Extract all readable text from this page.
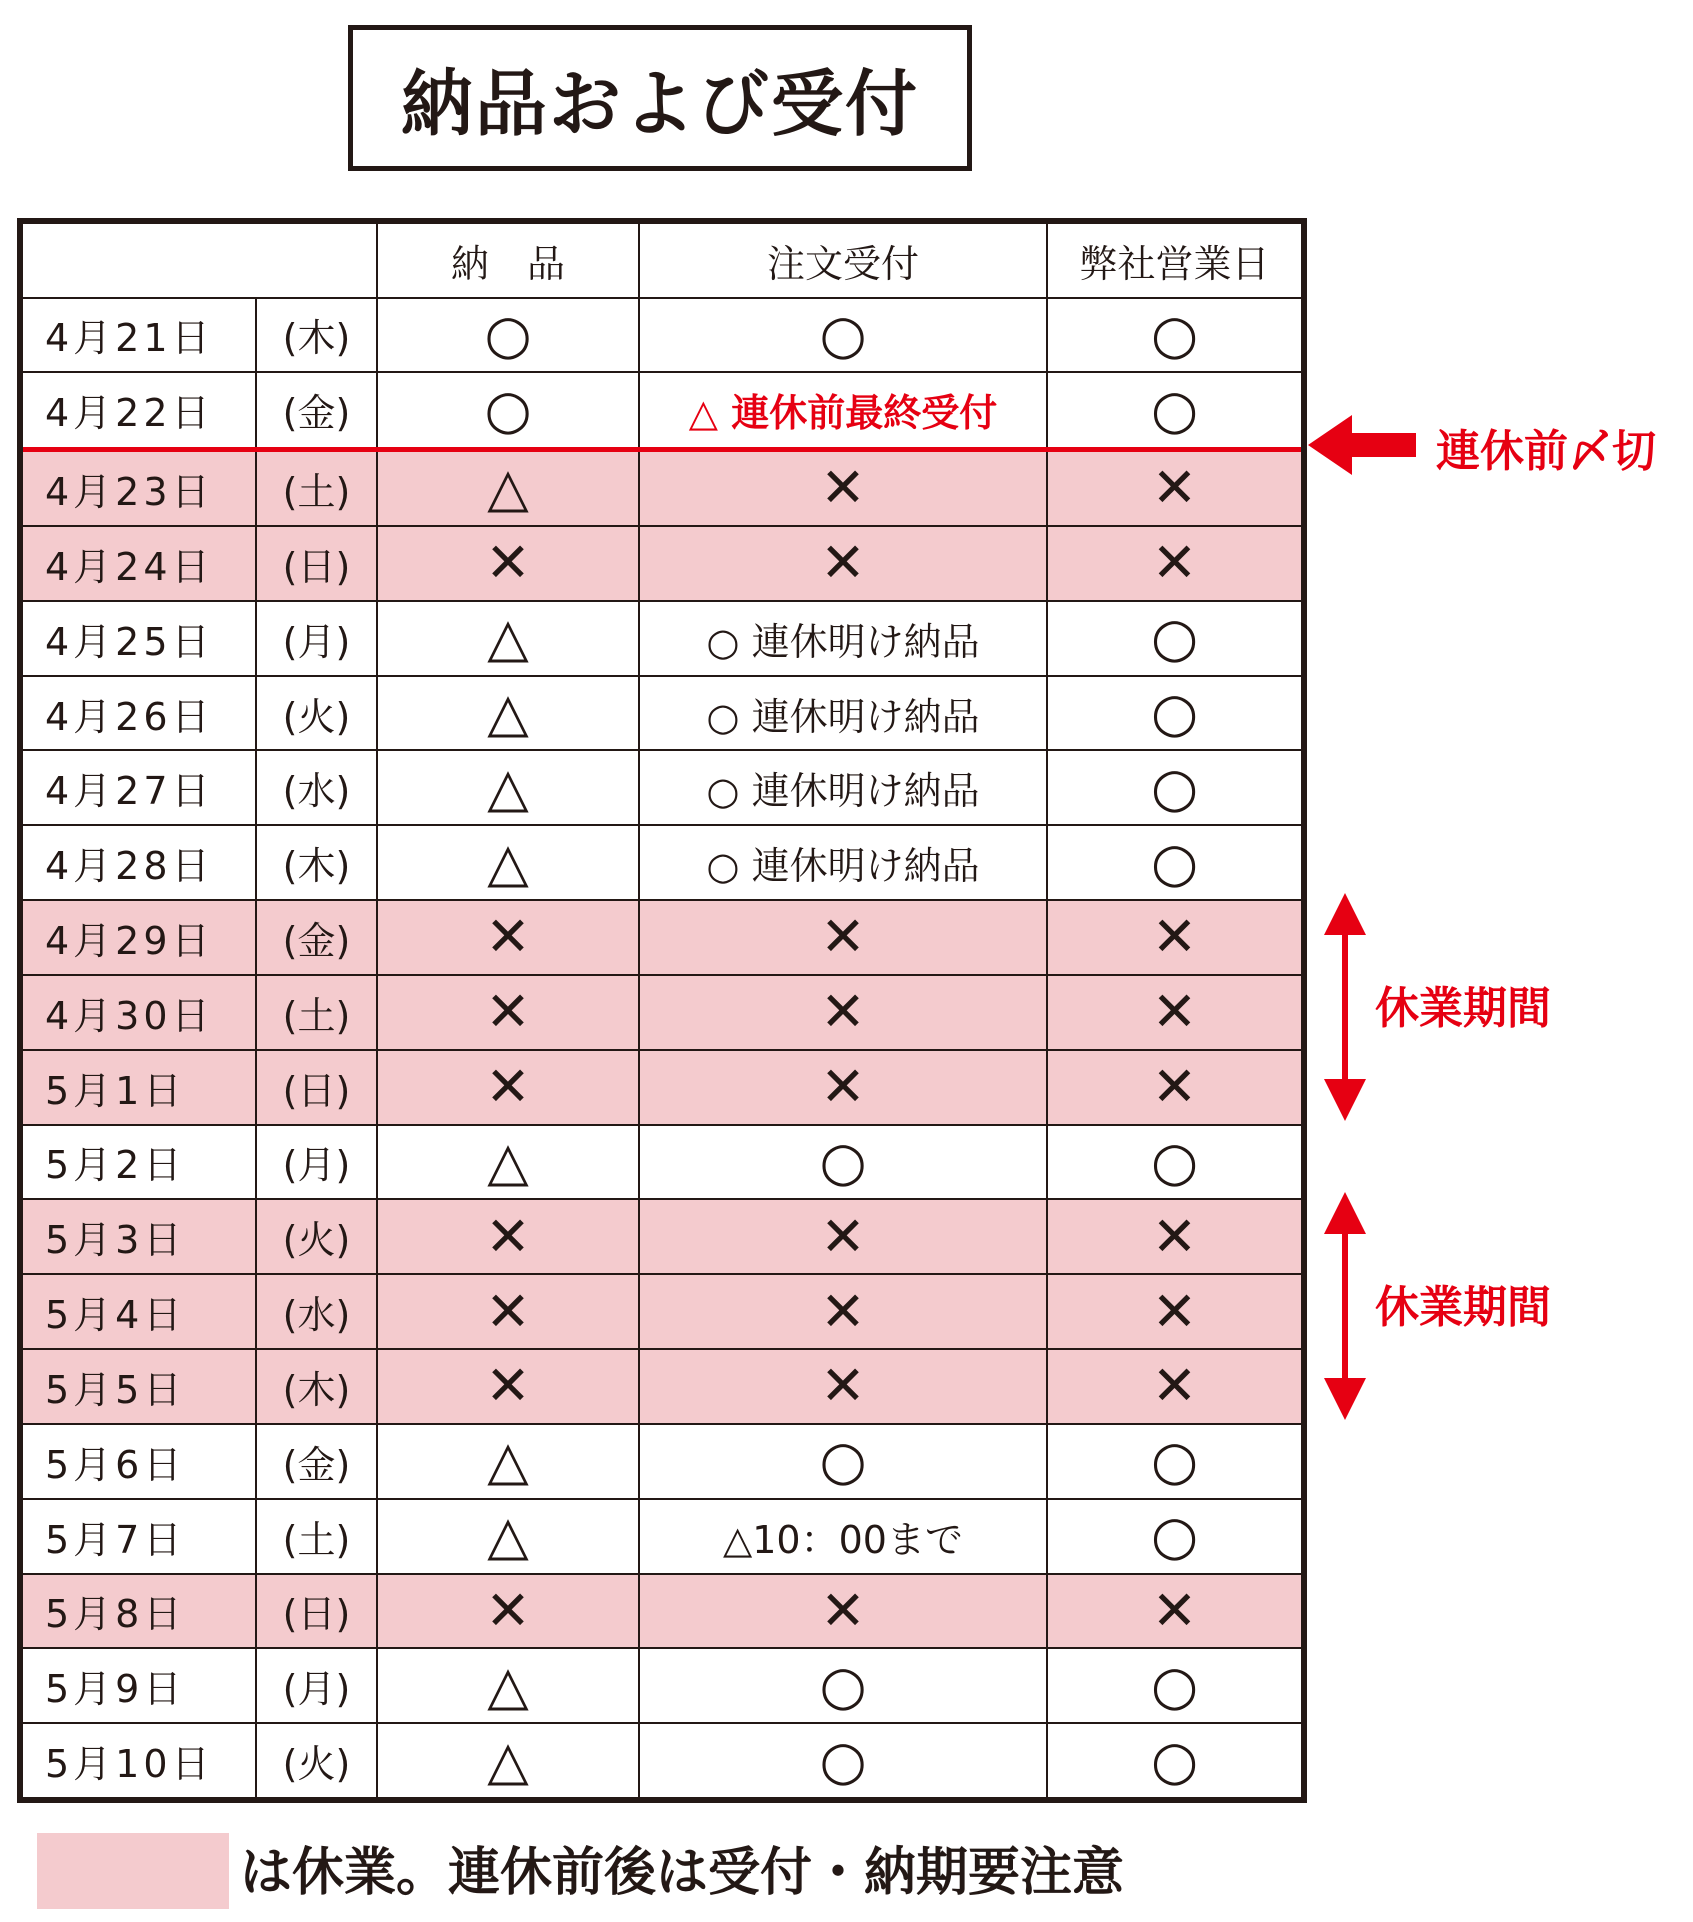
納品および受付
		納　品	注文受付	弊社営業日
4月21日	(木)	○	○	○
4月22日	(金)	○	△ 連休前最終受付	○
4月23日	(土)	△	✕	✕
4月24日	(日)	✕	✕	✕
4月25日	(月)	△	○ 連休明け納品	○
4月26日	(火)	△	○ 連休明け納品	○
4月27日	(水)	△	○ 連休明け納品	○
4月28日	(木)	△	○ 連休明け納品	○
4月29日	(金)	✕	✕	✕
4月30日	(土)	✕	✕	✕
5月1日	(日)	✕	✕	✕
5月2日	(月)	△	○	○
5月3日	(火)	✕	✕	✕
5月4日	(水)	✕	✕	✕
5月5日	(木)	✕	✕	✕
5月6日	(金)	△	○	○
5月7日	(土)	△	△10：00まで	○
5月8日	(日)	✕	✕	✕
5月9日	(月)	△	○	○
5月10日	(火)	△	○	○
連休前〆切
休業期間
休業期間
は休業。連休前後は受付・納期要注意
